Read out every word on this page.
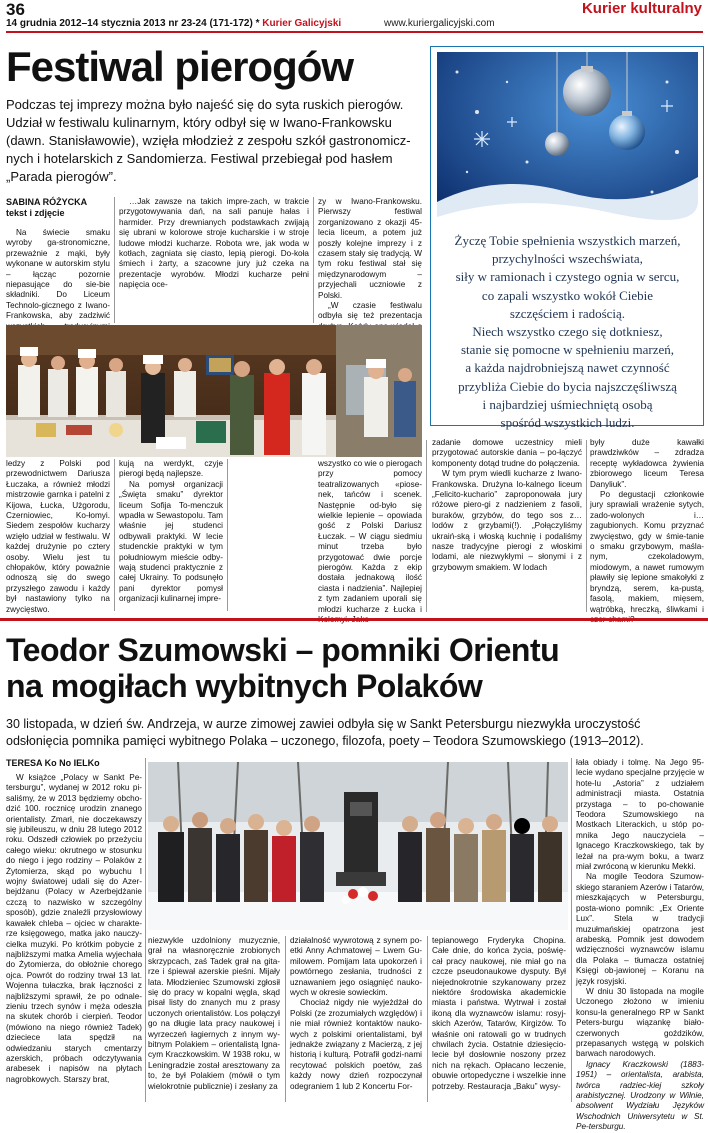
36
14 grudnia 2012–14 stycznia 2013 nr 23-24 (171-172) * Kurier Galicyjski	www.kuriergalicyjski.com
Kurier kulturalny
Festiwal pierogów
Podczas tej imprezy można było najeść się do syta ruskich pierogów. Udział w festiwalu kulinarnym, który odbył się w Iwano-Frankowsku (dawn. Stanisławowie), wzięła młodzież z zespołu szkół gastronomicz-nych i hotelarskich z Sandomierza. Festiwal przebiegał pod hasłem „Parada pierogów”.
SABINA RÓŻYCKA
tekst i zdjęcie

Na świecie smaku wyroby ga-stronomiczne, przeważnie z mąki, były wykonane w autorskim stylu – łącząc pozornie niepasujące do sie-bie składniki. Do Liceum Technolo-gicznego z Iwano-Frankowska, aby zadziwić

…Jak zawsze na takich impre-zach, w trakcie przygotowywania dań, na sali panuje hałas i harmider. Przy drewnianych podstawkach zwijają się ubrani w kolorowe stroje kucharskie i w stroje ludowe młodzi kucharze. Robota wre, jak woda w kotłach, zagniata się ciasto, lepią pierogi. Do-koła śmiech i żarty, a szacowne jury już czeka na prezentacje wyrobów. Młodzi kucharze pełni napięcia oce-

zy w Iwano-Frankowsku. Pierwszy festiwal zorganizowano z okazji 45-lecia liceum, a potem już poszły kolejne imprezy i z czasem stały się tradycją. W tym roku festiwal stał się międzynarodowym – przyjechali uczniowie z Polski.

„W czasie festiwalu odbyła się też prezentacja

ledzy z Polski pod przewodnictwem Dariusza Łuczaka, a również młodzi mistrzowie garnka i patelni z Kijowa, Łucka, Użgorodu, Czerniowiec, Ko-łomyi. Siedem zespołów kucharzy wzięło udział w festiwalu. W każdej drużynie po cztery osoby. Wielu jest tu chłopaków, który poważnie odnoszą się do swego przyszłego zawodu i każdy był nastawiony tylko na zwycięstwo.

kują na werdykt, czyje pierogi będą najlepsze.

Na pomysł organizacji „Święta smaku” dyrektor liceum Sofija To-menczuk wpadła w Sewastopolu. Tam właśnie jej studenci odbywali praktyki. W lecie studenckie praktyki w tym południowym mieście odby-wają studenci praktycznie z całej Ukrainy. To podsunęło pani dyrektor pomysł organizacji kulinarnej impre-

wszystko co wie o pierogach przy pomocy teatralizowanych «piose-nek, tańców i scenek. Następnie od-było się wielkie lepienie – opowiada gość z Polski Dariusz Łuczak. – W ciągu siedmiu minut trzeba było przygotować dwie porcje pierogów. Każda z ekip dostała jednakową ilość ciasta i nadzienia”. Najlepiej z tym zadaniem uporali się młodzi kucharze z Łucka i

zadanie domowe uczestnicy mieli przygotować autorskie dania – po-łączyć komponenty dotąd trudne do połączenia.

W tym prym wiedli kucharze z Iwano-Frankowska. Drużyna lo-kalnego liceum „Felicito-kuchario” zaproponowała jury różowe piero-gi z nadzieniem z fasoli, buraków, grzybów, do tego sos z… lodów z grzybami(!). „Połączyliśmy ukraiń-ską i włoską kuchnię i podaliśmy nasze tradycyjne pierogi z włoskimi lodami, ale niezwykłymi – słonymi i z grzybowym smakiem. W lodach

były duże kawałki prawdziwków – zdradza receptę wykładowca żywienia zbiorowego liceum Teresa Danyliuk”.

Po degustacji członkowie jury sprawiali wrażenie sytych, zado-wolonych i… zagubionych. Komu przyznać zwycięstwo, gdy w śmie-tanie o smaku grzybowym, maśla-nym, czekoladowym, miodowym, a nawet rumowym pławiły się lepione smakołyki z bryndzą, serem, ka-pustą, fasolą, makiem, mięsem, wątróbką, hreczką, śliwkami i

Życzę Tobie spełnienia wszystkich marzeń,
przychylności wszechświata,
siły w ramionach i czystego ognia w sercu,
co zapali wszystko wokół Ciebie
szczęściem i radością.
Niech wszystko czego się dotkniesz,
stanie się pomocne w spełnieniu marzeń,
a każda najdrobniejszą nawet czynność
przybliża Ciebie do bycia najszczęśliwszą
i najbardziej uśmiechniętą osobą
spośród wszystkich ludzi.
Teodor Szumowski – pomniki Orientu
na mogiłach wybitnych Polaków
30 listopada, w dzień św. Andrzeja, w aurze zimowej zawiei odbyła się w Sankt Petersburgu niezwykła uroczystość odsłonięcia pomnika pamięci wybitnego Polaka – uczonego, filozofa, poety – Teodora Szumowskiego (1913–2012).
TERESA Ko No IELKo

W książce „Polacy w Sankt Pe-tersburgu”, wydanej w 2012 roku pi-saliśmy, że w 2013 będziemy obcho-dzić 100. rocznicę urodzin znanego orientalisty. Zmarł, nie doczekawszy się jubileuszu, w dniu 28 lutego 2012 roku. Odszedł człowiek po przeżyciu całego wieku: okrutnego w stosunku do niego i jego rodziny – Polaków z Żytomierza, skąd po wybuchu I wojny światowej udali się do Azer-bejdżanu (Polacy w Azerbejdżanie czczą to nazwisko w szczególny sposób), gdzie znaleźli przysłowiowy kawałek chleba – ojciec w charakte-rze księgowego, matka jako nauczy-cielka muzyki. Po krótkim pobycie z najbliższymi matka Amelia wyjechała do Żytomierza, do obłożnie chorego ojca. Powrót do rodziny trwał 13 lat. Wojenna tułaczka, brak łączności z najbliższymi sprawił, że po odnale-zieniu trzech synów i męża odeszła na skutek chorób i cierpień. Teodor (mówiono na niego również Tadek) dzieciece lata spędził na odwiedzaniu starych cmentarzy azerskich, próbach odczytywania arabesek i napisów na płytach nagrobkowych. Starszy brat,

niezwykle uzdolniony muzycznie, grał na własnoręcznie zrobionych skrzypcach, zaś Tadek grał na gita-rze i śpiewał azerskie pieśni. Mijały lata. Młodzieniec Szumowski zgłosił się do pracy w kopalni węgla, skąd pisał listy do znanych mu z prasy uczonych orientalistów. Los połączył go na długie lata pracy naukowej i wyrzeczeń łagiernych z innym wy-bitnym Polakiem – orientalistą Igna-cym Kraczkowskim. W 1938 roku, w Leningradzie został aresztowany za to, że był Polakiem (mówił o tym wielokrotnie publicznie) i zesłany za

działalność wywrotową z synem po-etki Anny Achmatowej – Lwem Gu-milowem. Pomijam lata upokorzeń i powtórnego zesłania, trudności z uznawaniem jego osiągnięć nauko-wych w okresie sowieckim.

Chociaż nigdy nie wyjeżdżał do Polski (ze zrozumiałych względów) i nie miał również kontaktów nauko-wych z polskimi orientalistami, był jednakże związany z Macierzą, z jej historią i kulturą. Potrafił godzi-nami recytować polskich poetów, zaś każdy nowy dzień rozpoczynał odegraniem 1 lub 2 Koncertu For-

tepianowego Fryderyka Chopina. Całe dnie, do końca życia, poświę-cał pracy naukowej, nie miał go na czcze pseudonaukowe dysputy. Był niejednokrotnie szykanowany przez niektóre środowiska akademickie miasta i państwa. Wytrwał i został ikoną dla wyznawców islamu: rosyj-skich Azerów, Tatarów, Kirgizów. To właśnie oni ratowali go w trudnych chwilach życia. Ostatnie dziesięcio-lecie był dosłownie noszony przez nich na rękach. Opłacano leczenie, obuwie ortopedyczne i wszelkie inne potrzeby. Restauracja „Baku” wysy-

łała obiady i tolmę. Na Jego 95-lecie wydano specjalne przyjęcie w hote-lu „Astoria” z udziałem administracji miasta. Ostatnia przystaga – to po-chowanie Teodora Szumowskiego na Mostkach Literackich, u stóp po-mnika Jego nauczyciela – Ignacego Kraczkowskiego, tak by leżał na pra-wym boku, a twarz miał zwróconą w kierunku Mekki.

Na mogile Teodora Szumow-skiego staraniem Azerów i Tatarów, mieszkających w Petersburgu, posta-wiono pomnik: „Ex Oriente Lux”. Stela w tradycji muzułmańskiej opatrzona jest arabeską. Pomnik jest dowodem wdzięczności wyznawców islamu dla Polaka – tłumacza ostatniej Księgi ob-jawionej – Koranu na język rosyjski.

W dniu 30 listopada na mogile Uczonego złożono w imieniu konsu-la generalnego RP w Sankt Peters-burgu wiązankę biało-czerwonych goździków, przepasanych wstęgą w polskich barwach narodowych.

Ignacy Kraczkowski (1883-1951) – orientalista, arabista, twórca radziec-kiej szkoły arabistycznej. Urodzony w Wilnie, absolwent Wydziału Języków Wschodnich Uniwersytetu w St. Pe-tersburgu.
